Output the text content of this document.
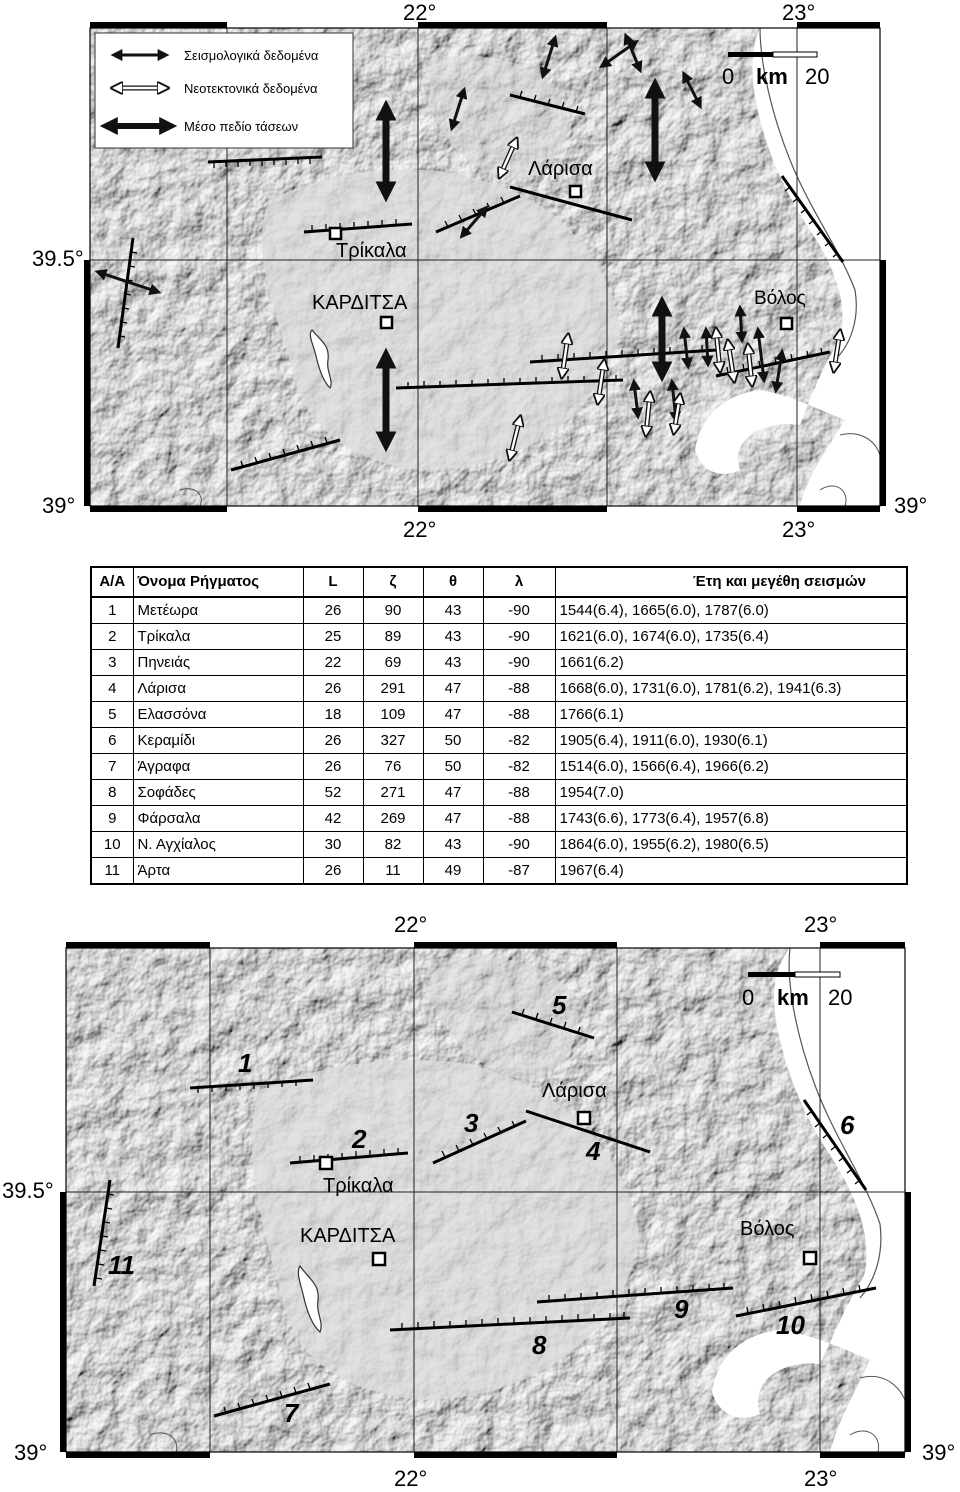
Σεισμολογικά δεδομένα
Νεοτεκτονικά δεδομένα
Μέσο πεδίο τάσεων
0 km 20
Λάρισα
Τρίκαλα
ΚΑΡΔΙΤΣΑ	Βόλος
22°	23°
39.5°
39°	39°
22°	23°
Α/Α	Όνομα Ρήγματος	L	ζ	θ	λ	Έτη και μεγέθη σεισμών
1	Μετέωρα	26	90	43	-90	1544(6.4), 1665(6.0), 1787(6.0)
2	Τρίκαλα	25	89	43	-90	1621(6.0), 1674(6.0), 1735(6.4)
3	Πηνειάς	22	69	43	-90	1661(6.2)
4	Λάρισα	26	291	47	-88	1668(6.0), 1731(6.0), 1781(6.2), 1941(6.3)
5	Ελασσόνα	18	109	47	-88	1766(6.1)
6	Κεραμίδι	26	327	50	-82	1905(6.4), 1911(6.0), 1930(6.1)
7	Άγραφα	26	76	50	-82	1514(6.0), 1566(6.4), 1966(6.2)
8	Σοφάδες	52	271	47	-88	1954(7.0)
9	Φάρσαλα	42	269	47	-88	1743(6.6), 1773(6.4), 1957(6.8)
10	Ν. Αγχίαλος	30	82	43	-90	1864(6.0), 1955(6.2), 1980(6.5)
11	Άρτα	26	11	49	-87	1967(6.4)
0 km 20
Λάρισα
Τρίκαλα
ΚΑΡΔΙΤΣΑ	Βόλος
1
2
3
4
5
6
7
8
9
10
11
22°	23°
39.5°
39°	39°
22°	23°
